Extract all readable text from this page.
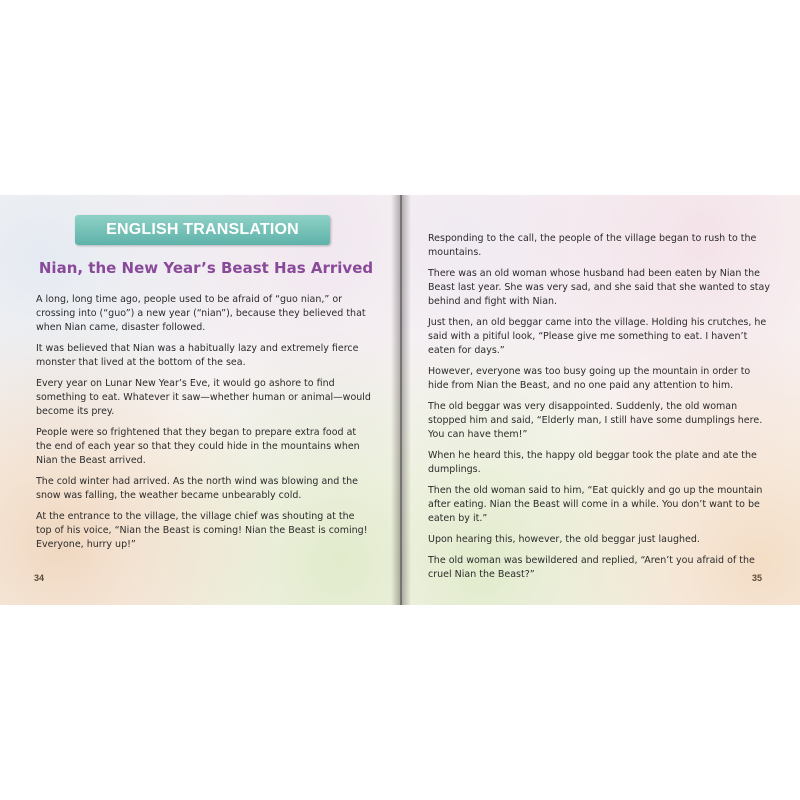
ENGLISH TRANSLATION
Nian, the New Year’s Beast Has Arrived

A long, long time ago, people used to be afraid of “guo nian,” or crossing into (“guo”) a new year (“nian”), because they believed that when Nian came, disaster followed.

It was believed that Nian was a habitually lazy and extremely fierce monster that lived at the bottom of the sea.

Every year on Lunar New Year’s Eve, it would go ashore to find something to eat. Whatever it saw—whether human or animal—would become its prey.

People were so frightened that they began to prepare extra food at the end of each year so that they could hide in the mountains when Nian the Beast arrived.

The cold winter had arrived. As the north wind was blowing and the snow was falling, the weather became unbearably cold.

At the entrance to the village, the village chief was shouting at the top of his voice, “Nian the Beast is coming! Nian the Beast is coming! Everyone, hurry up!”

34

Responding to the call, the people of the village began to rush to the mountains.

There was an old woman whose husband had been eaten by Nian the Beast last year. She was very sad, and she said that she wanted to stay behind and fight with Nian.

Just then, an old beggar came into the village. Holding his crutches, he said with a pitiful look, “Please give me something to eat. I haven’t eaten for days.”

However, everyone was too busy going up the mountain in order to hide from Nian the Beast, and no one paid any attention to him.

The old beggar was very disappointed. Suddenly, the old woman stopped him and said, “Elderly man, I still have some dumplings here. You can have them!”

When he heard this, the happy old beggar took the plate and ate the dumplings.

Then the old woman said to him, “Eat quickly and go up the mountain after eating. Nian the Beast will come in a while. You don’t want to be eaten by it.”

Upon hearing this, however, the old beggar just laughed.

The old woman was bewildered and replied, “Aren’t you afraid of the cruel Nian the Beast?”	35
